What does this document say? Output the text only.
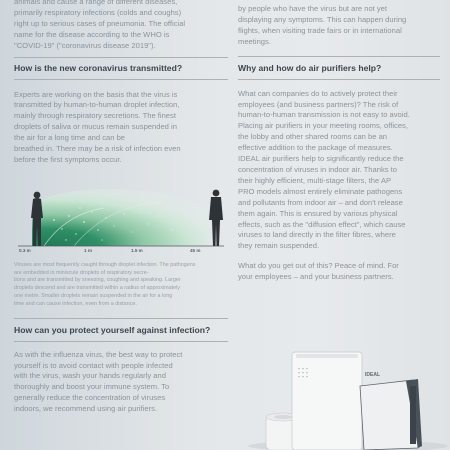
animals and cause a range of different diseases,
primarily respiratory infections (colds and coughs)
right up to serious cases of pneumonia. The official
name for the disease according to the WHO is
"COVID-19" ("coronavirus disease 2019").
How is the new coronavirus transmitted?
Experts are working on the basis that the virus is
transmitted by human-to-human droplet infection,
mainly through respiratory secretions. The finest
droplets of saliva or mucus remain suspended in
the air for a long time and can be
breathed in. There may be a risk of infection even
before the first symptoms occur.
0.3 m	1 m	1.5 m	45 m
Viruses are most frequently caught through droplet infection. The pathogens
are embedded in miniscule droplets of respiratory secre-
tions and are transmitted by sneezing, coughing and speaking. Larger
droplets descend and are transmitted within a radius of approximately
one metre. Smaller droplets remain suspended in the air for a long
time and can cause infection, even from a distance.
How can you protect yourself against infection?
As with the influenza virus, the best way to protect
yourself is to avoid contact with people infected
with the virus, wash your hands regularly and
thoroughly and boost your immune system. To
generally reduce the concentration of viruses
indoors, we recommend using air purifiers.
by people who have the virus but are not yet
displaying any symptoms. This can happen during
flights, when visiting trade fairs or in international
meetings.
Why and how do air purifiers help?
What can companies do to actively protect their
employees (and business partners)? The risk of
human-to-human transmission is not easy to avoid.
Placing air purifiers in your meeting rooms, offices,
the lobby and other shared rooms can be an
effective addition to the package of measures.
IDEAL air purifiers help to significantly reduce the
concentration of viruses in indoor air. Thanks to
their highly efficient, multi-stage filters, the AP
PRO models almost entirely eliminate pathogens
and pollutants from indoor air – and don't release
them again. This is ensured by various physical
effects, such as the "diffusion effect", which cause
viruses to land directly in the filter fibres, where
they remain suspended.
What do you get out of this? Peace of mind. For
your employees – and your business partners.
IDEAL
